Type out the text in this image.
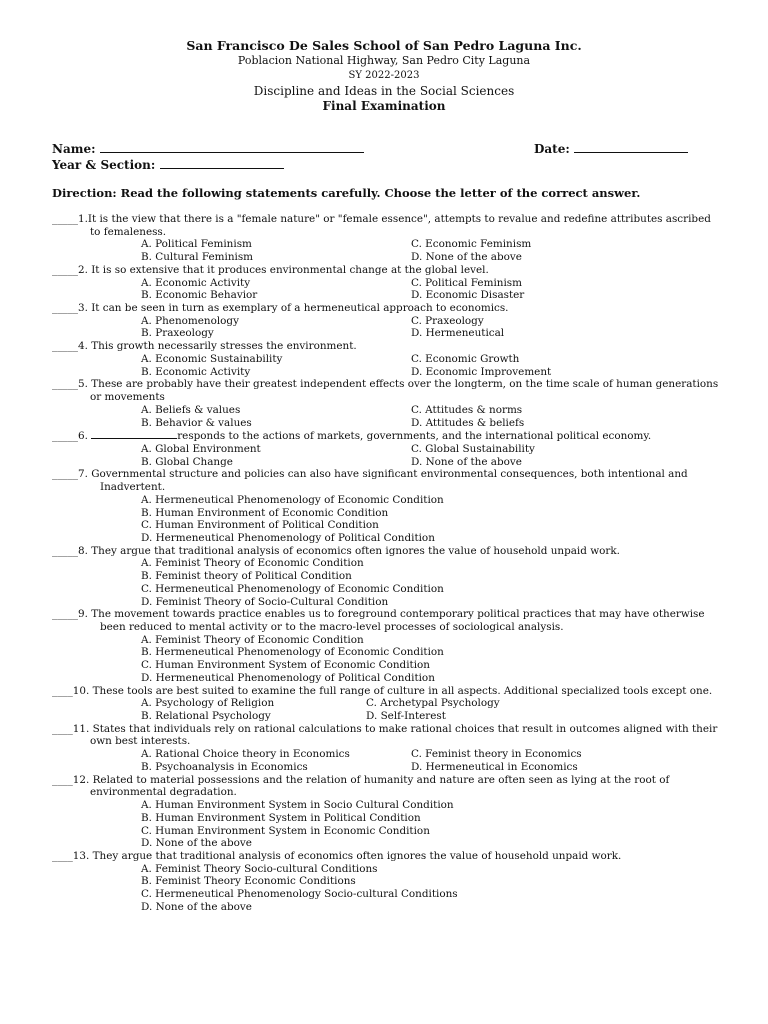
San Francisco De Sales School of San Pedro Laguna Inc.
Poblacion National Highway, San Pedro City Laguna
SY 2022-2023
Discipline and Ideas in the Social Sciences
Final Examination
Name:	Date:
Year & Section:
Direction: Read the following statements carefully. Choose the letter of the correct answer.
_____1.It is the view that there is a "female nature" or "female essence", attempts to revalue and redefine attributes ascribed
to femaleness.
A. Political Feminism	C. Economic Feminism
B. Cultural Feminism	D. None of the above
_____2. It is so extensive that it produces environmental change at the global level.
A. Economic Activity	C. Political Feminism
B. Economic Behavior	D. Economic Disaster
_____3. It can be seen in turn as exemplary of a hermeneutical approach to economics.
A. Phenomenology	C. Praxeology
B. Praxeology	D. Hermeneutical
_____4. This growth necessarily stresses the environment.
A. Economic Sustainability	C. Economic Growth
B. Economic Activity	D. Economic Improvement
_____5. These are probably have their greatest independent effects over the longterm, on the time scale of human generations
or movements
A. Beliefs & values	C. Attitudes & norms
B. Behavior & values	D. Attitudes & beliefs
_____6.	responds to the actions of markets, governments, and the international political economy.
A. Global Environment	C. Global Sustainability
B. Global Change	D. None of the above
_____7. Governmental structure and policies can also have significant environmental consequences, both intentional and
Inadvertent.
A. Hermeneutical Phenomenology of Economic Condition
B. Human Environment of Economic Condition
C. Human Environment of Political Condition
D. Hermeneutical Phenomenology of Political Condition
_____8. They argue that traditional analysis of economics often ignores the value of household unpaid work.
A. Feminist Theory of Economic Condition
B. Feminist theory of Political Condition
C. Hermeneutical Phenomenology of Economic Condition
D. Feminist Theory of Socio-Cultural Condition
_____9. The movement towards practice enables us to foreground contemporary political practices that may have otherwise
been reduced to mental activity or to the macro-level processes of sociological analysis.
A. Feminist Theory of Economic Condition
B. Hermeneutical Phenomenology of Economic Condition
C. Human Environment System of Economic Condition
D. Hermeneutical Phenomenology of Political Condition
____10. These tools are best suited to examine the full range of culture in all aspects. Additional specialized tools except one.
A. Psychology of Religion	C. Archetypal Psychology
B. Relational Psychology	D. Self-Interest
____11. States that individuals rely on rational calculations to make rational choices that result in outcomes aligned with their
own best interests.
A. Rational Choice theory in Economics	C. Feminist theory in Economics
B. Psychoanalysis in Economics	D. Hermeneutical in Economics
____12. Related to material possessions and the relation of humanity and nature are often seen as lying at the root of
environmental degradation.
A. Human Environment System in Socio Cultural Condition
B. Human Environment System in Political Condition
C. Human Environment System in Economic Condition
D. None of the above
____13. They argue that traditional analysis of economics often ignores the value of household unpaid work.
A. Feminist Theory Socio-cultural Conditions
B. Feminist Theory Economic Conditions
C. Hermeneutical Phenomenology Socio-cultural Conditions
D. None of the above
